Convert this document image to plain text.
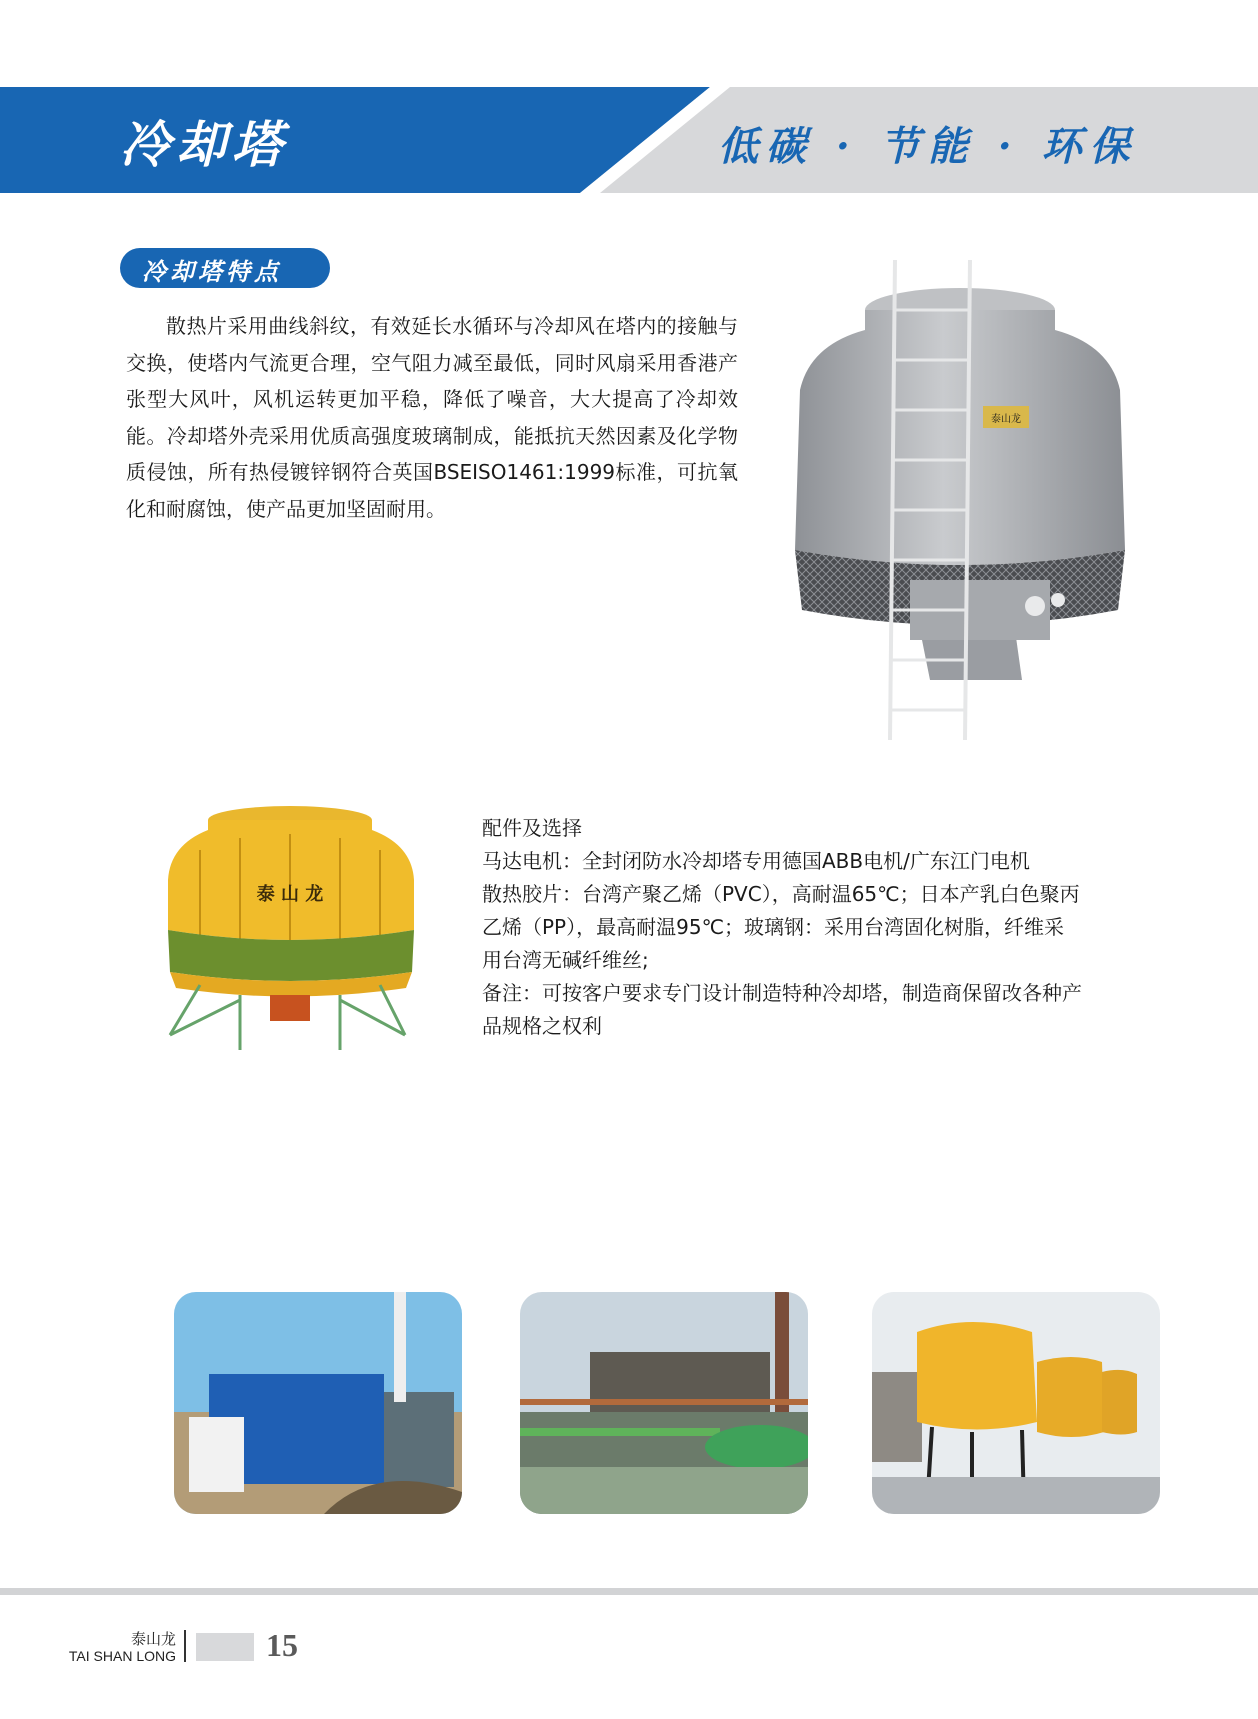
冷却塔	低碳 · 节能 · 环保
冷却塔特点

散热片采用曲线斜纹，有效延长水循环与冷却风在塔内的接触与交换，使塔内气流更合理，空气阻力减至最低，同时风扇采用香港产张型大风叶，风机运转更加平稳，降低了噪音，大大提高了冷却效能。冷却塔外壳采用优质高强度玻璃制成，能抵抗天然因素及化学物质侵蚀，所有热侵镀锌钢符合英国BSEISO1461:1999标准，可抗氧化和耐腐蚀，使产品更加坚固耐用。

泰山龙
泰 山 龙
配件及选择
马达电机：全封闭防水冷却塔专用德国ABB电机/广东江门电机
散热胶片：台湾产聚乙烯（PVC），高耐温65℃；日本产乳白色聚丙乙烯（PP），最高耐温95℃；玻璃钢：采用台湾固化树脂，纤维采用台湾无碱纤维丝;
备注：可按客户要求专门设计制造特种冷却塔，制造商保留改各种产品规格之权利
泰山龙
TAI SHAN LONG	15
